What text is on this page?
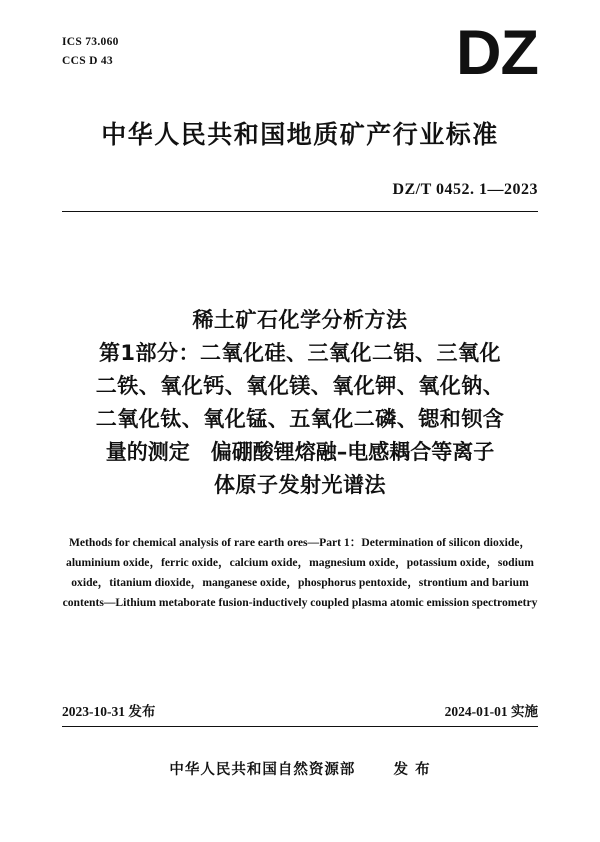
ICS 73.060
CCS D 43	DZ
中华人民共和国地质矿产行业标准
DZ/T 0452. 1—2023
稀土矿石化学分析方法
第1部分：二氧化硅、三氧化二铝、三氧化
二铁、氧化钙、氧化镁、氧化钾、氧化钠、
二氧化钛、氧化锰、五氧化二磷、锶和钡含
量的测定　偏硼酸锂熔融–电感耦合等离子
体原子发射光谱法
Methods for chemical analysis of rare earth ores—Part 1：Determination of silicon dioxide，
aluminium oxide，ferric oxide，calcium oxide，magnesium oxide，potassium oxide，sodium
oxide，titanium dioxide，manganese oxide，phosphorus pentoxide，strontium and barium
contents—Lithium metaborate fusion-inductively coupled plasma atomic emission spectrometry
2023-10-31 发布	2024-01-01 实施
中华人民共和国自然资源部	发 布
